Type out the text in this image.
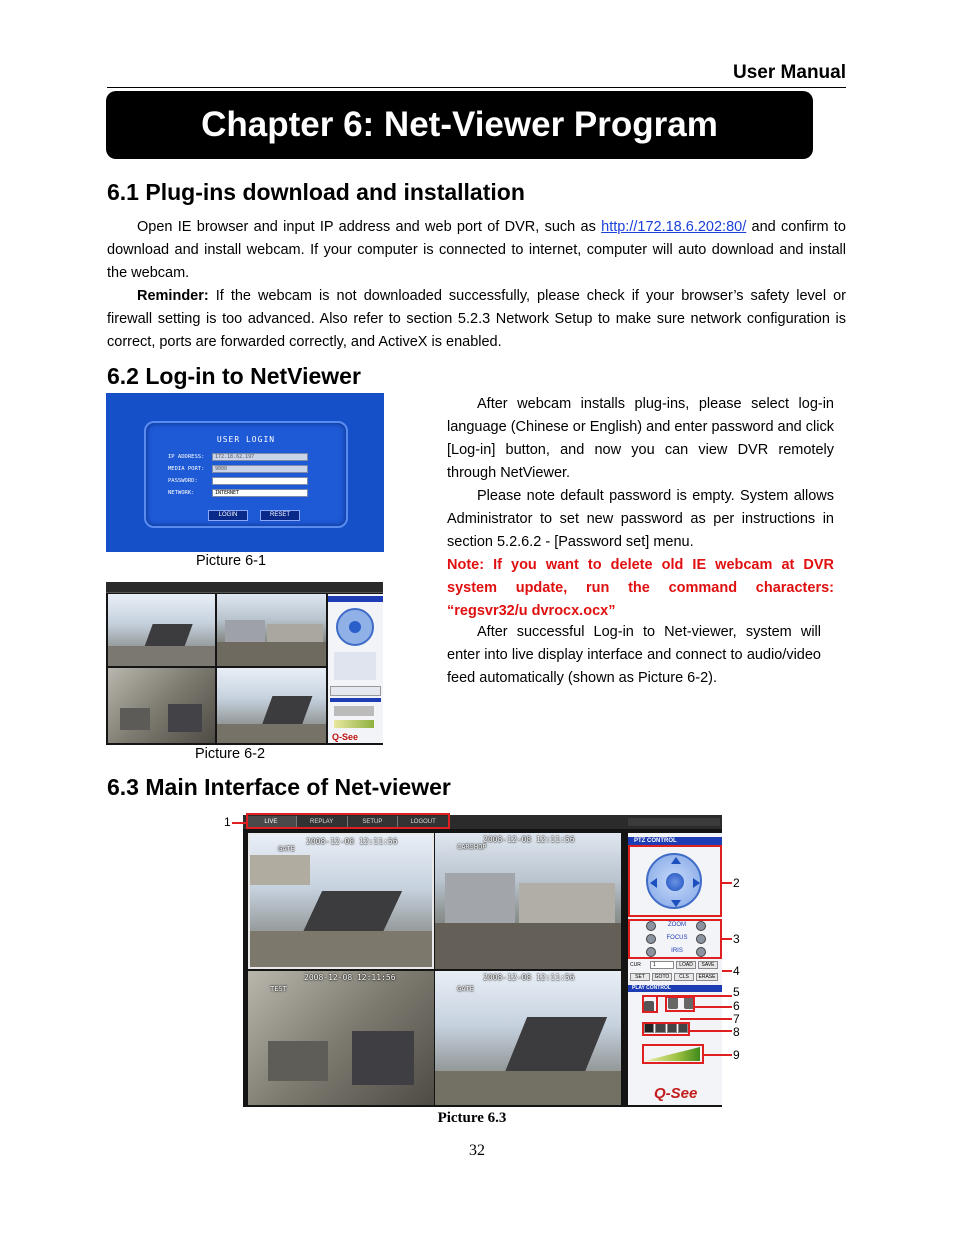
User Manual
Chapter 6: Net-Viewer Program
6.1 Plug-ins download and installation

Open IE browser and input IP address and web port of DVR, such as http://172.18.6.202:80/ and confirm to download and install webcam. If your computer is connected to internet, computer will auto download and install the webcam.

Reminder: If the webcam is not downloaded successfully, please check if your browser’s safety level or firewall setting is too advanced. Also refer to section 5.2.3 Network Setup to make sure network configuration is correct, ports are forwarded correctly, and ActiveX is enabled.

6.2 Log-in to NetViewer
USER LOGIN
IP ADDRESS:	172.18.62.197
MEDIA PORT:	9000
PASSWORD:
NETWORK:	INTERNET
LOGIN	RESET
Picture 6-1
Q-See
Picture 6-2

After webcam installs plug-ins, please select log-in language (Chinese or English) and enter password and click [Log-in] button, and now you can view DVR remotely through NetViewer.

Please note default password is empty. System allows Administrator to set new password as per instructions in section 5.2.6.2 - [Password set] menu.

Note: If you want to delete old IE webcam at DVR system update, run the command characters: “regsvr32/u dvrocx.ocx”

After successful Log-in to Net-viewer, system will enter into live display interface and connect to audio/video feed automatically (shown as Picture 6-2).

6.3 Main Interface of Net-viewer
LIVE	REPLAY	SETUP	LOGOUT
2008-12-08 12:11:56
GATE
2008-12-08 12:11:56
CARSHOP
2008-12-08 12:11:56
TEST
2008-12-08 12:11:56
GATE
PTZ CONTROL
ZOOM
FOCUS
IRIS
CUR	1	LOAD	SAVE
SET	GOTO	CLS	ERASE
PLAY CONTROL
Q-See
1
2
3
4
5
6
7
8
9
Picture 6.3
32
